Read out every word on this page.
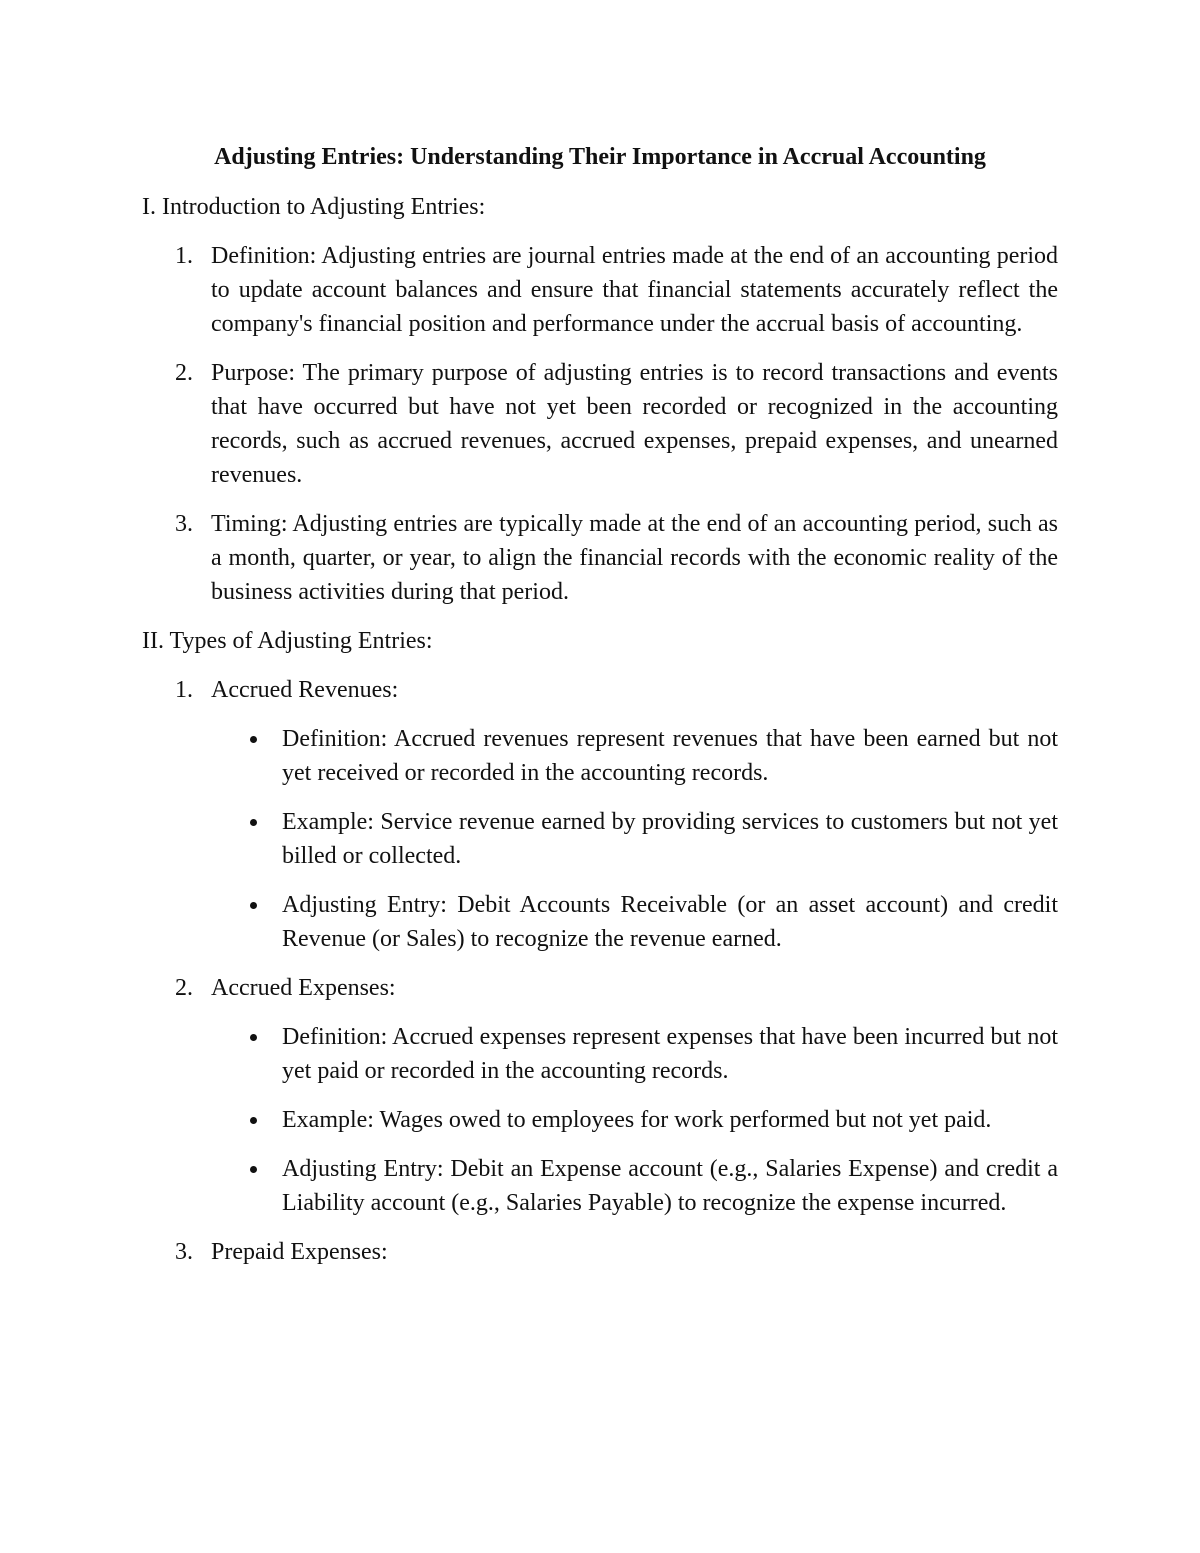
Adjusting Entries: Understanding Their Importance in Accrual Accounting

I. Introduction to Adjusting Entries:

1. Definition: Adjusting entries are journal entries made at the end of an accounting period to update account balances and ensure that financial statements accurately reflect the company's financial position and performance under the accrual basis of accounting.
2. Purpose: The primary purpose of adjusting entries is to record transactions and events that have occurred but have not yet been recorded or recognized in the accounting records, such as accrued revenues, accrued expenses, prepaid expenses, and unearned revenues.
3. Timing: Adjusting entries are typically made at the end of an accounting period, such as a month, quarter, or year, to align the financial records with the economic reality of the business activities during that period.

II. Types of Adjusting Entries:

1. Accrued Revenues:
Definition: Accrued revenues represent revenues that have been earned but not yet received or recorded in the accounting records.
Example: Service revenue earned by providing services to customers but not yet billed or collected.
Adjusting Entry: Debit Accounts Receivable (or an asset account) and credit Revenue (or Sales) to recognize the revenue earned.
2. Accrued Expenses:
Definition: Accrued expenses represent expenses that have been incurred but not yet paid or recorded in the accounting records.
Example: Wages owed to employees for work performed but not yet paid.
Adjusting Entry: Debit an Expense account (e.g., Salaries Expense) and credit a Liability account (e.g., Salaries Payable) to recognize the expense incurred.
3. Prepaid Expenses:
